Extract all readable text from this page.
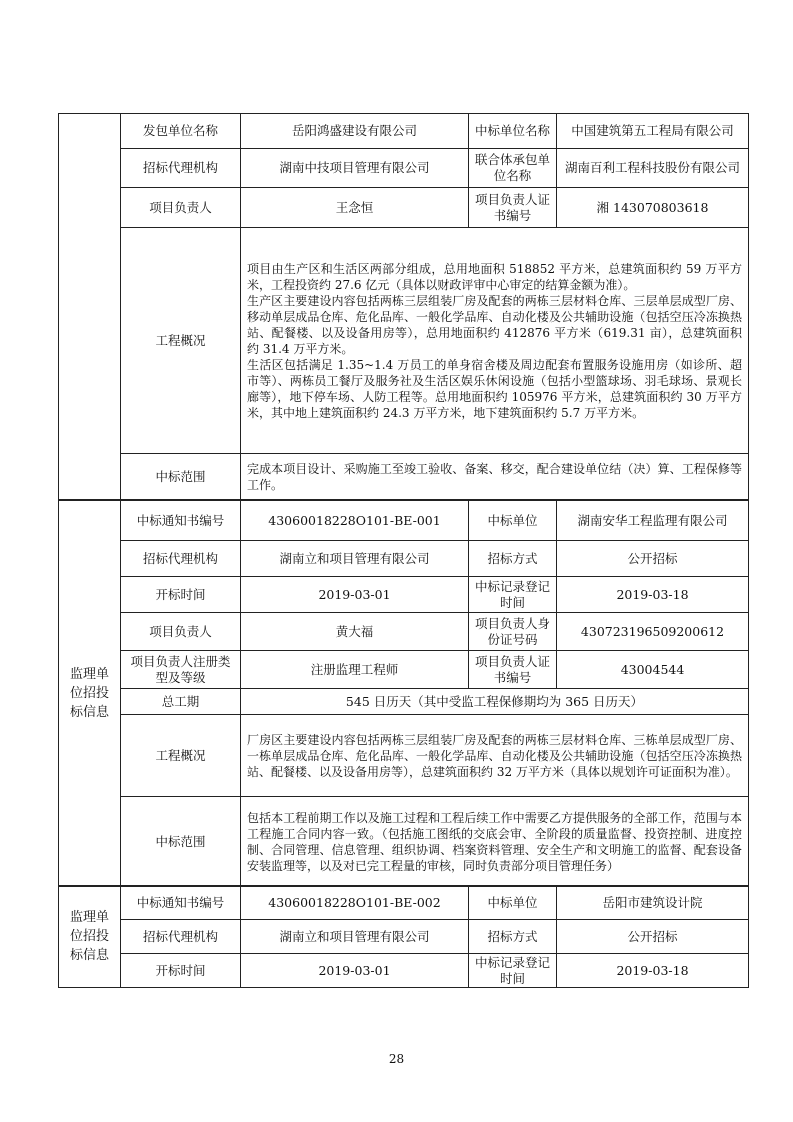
	发包单位名称	岳阳鸿盛建设有限公司	中标单位名称	中国建筑第五工程局有限公司
	招标代理机构	湖南中技项目管理有限公司	联合体承包单位名称	湖南百利工程科技股份有限公司
	项目负责人	王念恒	项目负责人证书编号	湘 143070803618
	工程概况	项目由生产区和生活区两部分组成，总用地面积 518852 平方米，总建筑面积约 59 万平方米，工程投资约 27.6 亿元（具体以财政评审中心审定的结算金额为准）。
生产区主要建设内容包括两栋三层组装厂房及配套的两栋三层材料仓库、三层单层成型厂房、移动单层成品仓库、危化品库、一般化学品库、自动化楼及公共辅助设施（包括空压冷冻换热站、配餐楼、以及设备用房等），总用地面积约 412876 平方米（619.31 亩），总建筑面积约 31.4 万平方米。
生活区包括满足 1.35~1.4 万员工的单身宿舍楼及周边配套布置服务设施用房（如诊所、超市等）、两栋员工餐厅及服务社及生活区娱乐休闲设施（包括小型篮球场、羽毛球场、景观长廊等），地下停车场、人防工程等。总用地面积约 105976 平方米，总建筑面积约 30 万平方米，其中地上建筑面积约 24.3 万平方米，地下建筑面积约 5.7 万平方米。		

	中标范围	完成本项目设计、采购施工至竣工验收、备案、移交，配合建设单位结（决）算、工程保修等工作。		
监理单位招投标信息	中标通知书编号	43060018228O101-BE-001	中标单位	湖南安华工程监理有限公司
	招标代理机构	湖南立和项目管理有限公司	招标方式	公开招标
	开标时间	2019-03-01	中标记录登记时间	2019-03-18
	项目负责人	黄大福	项目负责人身份证号码	430723196509200612
	项目负责人注册类型及等级	注册监理工程师	项目负责人证书编号	43004544
	总工期	545 日历天（其中受监工程保修期均为 365 日历天）		
	工程概况	厂房区主要建设内容包括两栋三层组装厂房及配套的两栋三层材料仓库、三栋单层成型厂房、一栋单层成品仓库、危化品库、一般化学品库、自动化楼及公共辅助设施（包括空压冷冻换热站、配餐楼、以及设备用房等），总建筑面积约 32 万平方米（具体以规划许可证面积为准）。		
	中标范围	包括本工程前期工作以及施工过程和工程后续工作中需要乙方提供服务的全部工作，范围与本工程施工合同内容一致。（包括施工图纸的交底会审、全阶段的质量监督、投资控制、进度控制、合同管理、信息管理、组织协调、档案资料管理、安全生产和文明施工的监督、配套设备安装监理等，以及对已完工程量的审核，同时负责部分项目管理任务）		
监理单位招投标信息	中标通知书编号	43060018228O101-BE-002	中标单位	岳阳市建筑设计院
	招标代理机构	湖南立和项目管理有限公司	招标方式	公开招标
	开标时间	2019-03-01	中标记录登记时间	2019-03-18
28
